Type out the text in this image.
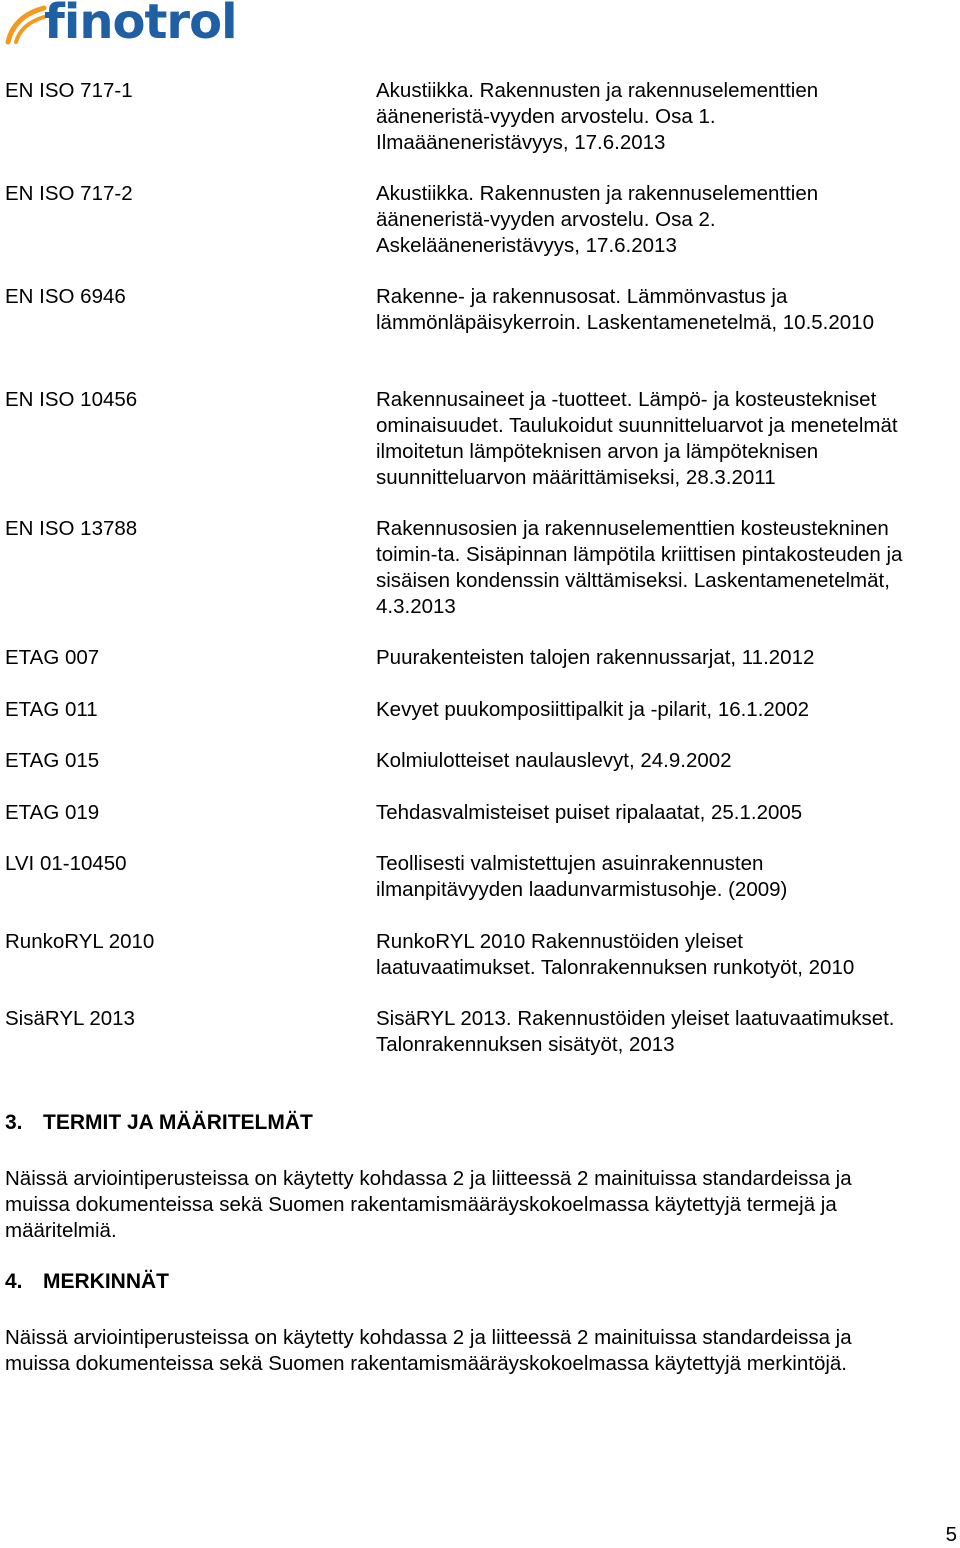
finotrol
EN ISO 717-1	Akustiikka. Rakennusten ja rakennuselementtien
ääneneristä-vyyden arvostelu. Osa 1.
Ilmaääneneristävyys, 17.6.2013
EN ISO 717-2	Akustiikka. Rakennusten ja rakennuselementtien
ääneneristä-vyyden arvostelu. Osa 2.
Askelääneneristävyys, 17.6.2013
EN ISO 6946	Rakenne- ja rakennusosat. Lämmönvastus ja
lämmönläpäisykerroin. Laskentamenetelmä, 10.5.2010
EN ISO 10456	Rakennusaineet ja -tuotteet. Lämpö- ja kosteustekniset
ominaisuudet. Taulukoidut suunnitteluarvot ja menetelmät
ilmoitetun lämpöteknisen arvon ja lämpöteknisen
suunnitteluarvon määrittämiseksi, 28.3.2011
EN ISO 13788	Rakennusosien ja rakennuselementtien kosteustekninen
toimin-ta. Sisäpinnan lämpötila kriittisen pintakosteuden ja
sisäisen kondenssin välttämiseksi. Laskentamenetelmät,
4.3.2013
ETAG 007	Puurakenteisten talojen rakennussarjat, 11.2012
ETAG 011	Kevyet puukomposiittipalkit ja -pilarit, 16.1.2002
ETAG 015	Kolmiulotteiset naulauslevyt, 24.9.2002
ETAG 019	Tehdasvalmisteiset puiset ripalaatat, 25.1.2005
LVI 01-10450	Teollisesti valmistettujen asuinrakennusten
ilmanpitävyyden laadunvarmistusohje. (2009)
RunkoRYL 2010	RunkoRYL 2010 Rakennustöiden yleiset
laatuvaatimukset. Talonrakennuksen runkotyöt, 2010
SisäRYL 2013	SisäRYL 2013. Rakennustöiden yleiset laatuvaatimukset.
Talonrakennuksen sisätyöt, 2013
3. TERMIT JA MÄÄRITELMÄT
Näissä arviointiperusteissa on käytetty kohdassa 2 ja liitteessä 2 mainituissa standardeissa ja
muissa dokumenteissa sekä Suomen rakentamismääräyskokoelmassa käytettyjä termejä ja
määritelmiä.
4. MERKINNÄT
Näissä arviointiperusteissa on käytetty kohdassa 2 ja liitteessä 2 mainituissa standardeissa ja
muissa dokumenteissa sekä Suomen rakentamismääräyskokoelmassa käytettyjä merkintöjä.
5
